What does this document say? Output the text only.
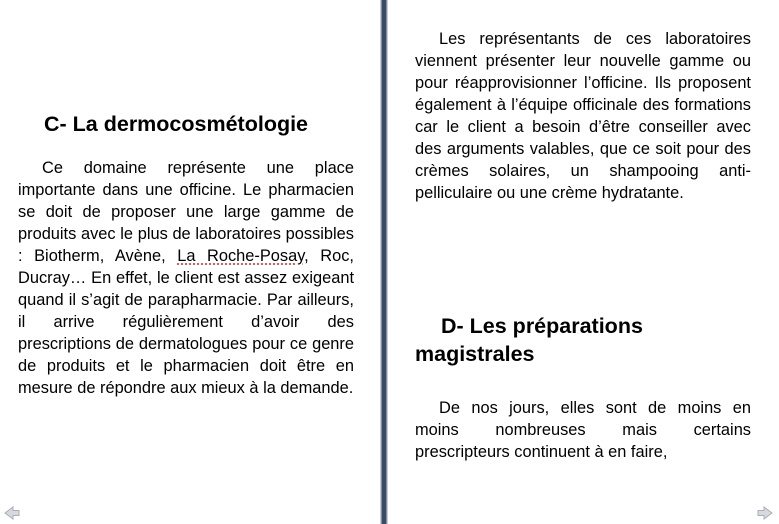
C- La dermocosmétologie

Ce domaine représente une place importante dans une officine. Le pharmacien se doit de proposer une large gamme de produits avec le plus de laboratoires possibles : Biotherm, Avène, La Roche-Posay, Roc, Ducray… En effet, le client est assez exigeant quand il s’agit de parapharmacie. Par ailleurs, il arrive régulièrement d’avoir des prescriptions de dermatologues pour ce genre de produits et le pharmacien doit être en mesure de répondre aux mieux à la demande.

Les représentants de ces laboratoires viennent présenter leur nouvelle gamme ou pour réapprovisionner l’officine. Ils proposent également à l’équipe officinale des formations car le client a besoin d’être conseiller avec des arguments valables, que ce soit pour des crèmes solaires, un shampooing anti-pelliculaire ou une crème hydratante.

D- Les préparations
magistrales

De nos jours, elles sont de moins en moins nombreuses mais certains prescripteurs continuent à en faire,
